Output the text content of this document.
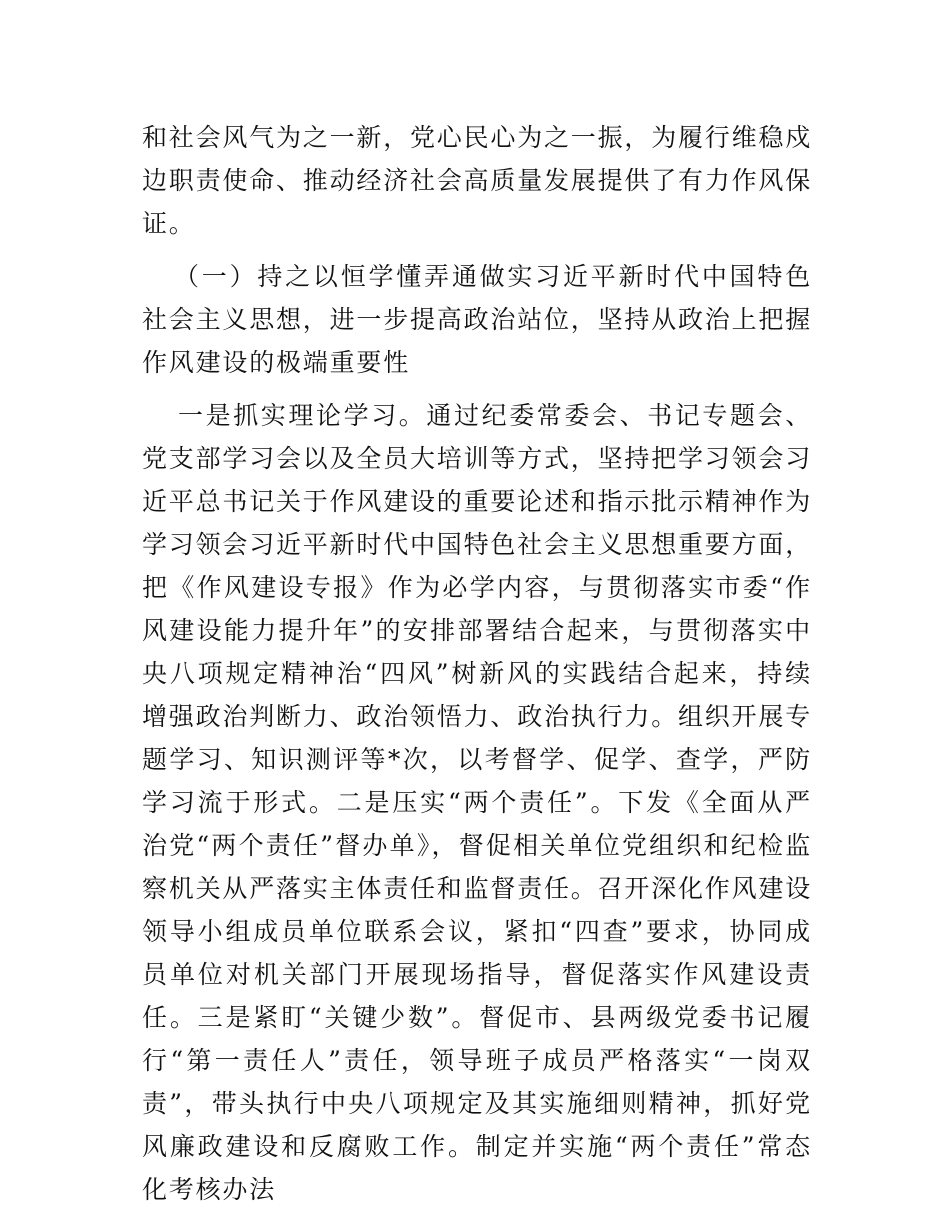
和社会风气为之一新，党心民心为之一振，为履行维稳戍边职责使命、推动经济社会高质量发展提供了有力作风保证。

（一）持之以恒学懂弄通做实习近平新时代中国特色社会主义思想，进一步提高政治站位，坚持从政治上把握作风建设的极端重要性

一是抓实理论学习。通过纪委常委会、书记专题会、党支部学习会以及全员大培训等方式，坚持把学习领会习近平总书记关于作风建设的重要论述和指示批示精神作为学习领会习近平新时代中国特色社会主义思想重要方面，把《作风建设专报》作为必学内容，与贯彻落实市委“作风建设能力提升年”的安排部署结合起来，与贯彻落实中央八项规定精神治“四风”树新风的实践结合起来，持续增强政治判断力、政治领悟力、政治执行力。组织开展专题学习、知识测评等*次，以考督学、促学、查学，严防学习流于形式。二是压实“两个责任”。下发《全面从严治党“两个责任”督办单》，督促相关单位党组织和纪检监察机关从严落实主体责任和监督责任。召开深化作风建设领导小组成员单位联系会议，紧扣“四查”要求，协同成员单位对机关部门开展现场指导，督促落实作风建设责任。三是紧盯“关键少数”。督促市、县两级党委书记履行“第一责任人”责任，领导班子成员严格落实“一岗双责”，带头执行中央八项规定及其实施细则精神，抓好党风廉政建设和反腐败工作。制定并实施“两个责任”常态化考核办法
